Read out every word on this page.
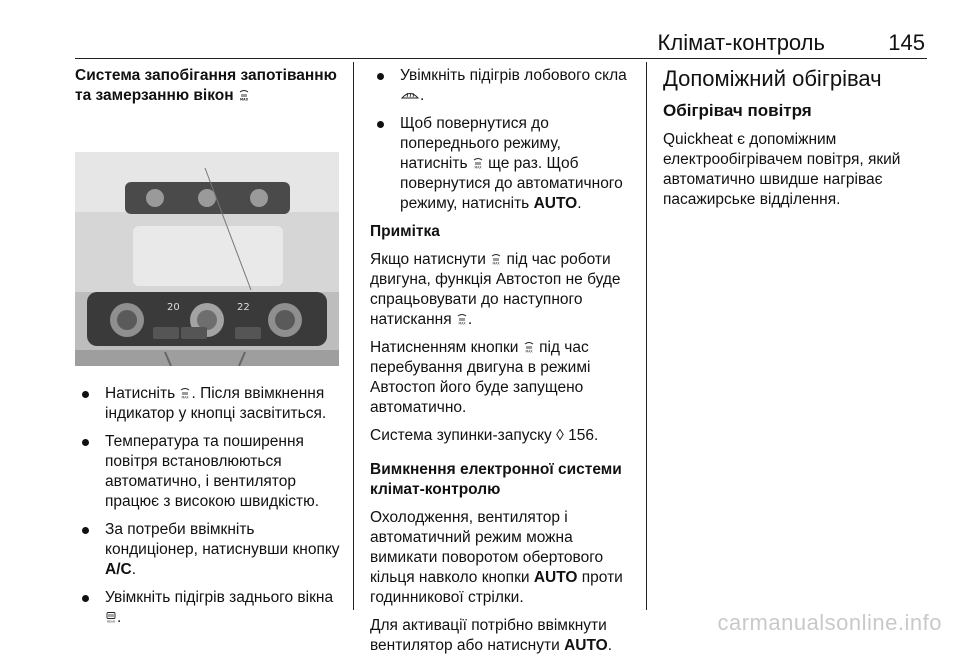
Клімат-контроль	145
Система запобігання запотіванню та замерзанню вікон MAX
20	22
Натисніть MAX . Після ввімкнення індикатор у кнопці засвітиться.
Температура та поширення повітря встановлюються автоматично, і вентилятор працює з високою швидкістю.
За потреби ввімкніть кондиціонер, натиснувши кнопку A/C.
Увімкніть підігрів заднього вікна
REAR .
Увімкніть підігрів лобового скла
.
Щоб повернутися до попереднього режиму, натисніть MAX ще раз. Щоб повернутися до автоматичного режиму, натисніть AUTO.

Примітка

Якщо натиснути MAX під час роботи двигуна, функція Автостоп не буде спрацьовувати до наступного натискання MAX .

Натисненням кнопки MAX під час перебування двигуна в режимі Автостоп його буде запущено автоматично.

Система зупинки-запуску ◊ 156.

Вимкнення електронної системи клімат-контролю

Охолодження, вентилятор і автоматичний режим можна вимикати поворотом обертового кільця навколо кнопки AUTO проти годинникової стрілки.

Для активації потрібно ввімкнути вентилятор або натиснути AUTO.

Допоміжний обігрівач

Обігрівач повітря

Quickheat є допоміжним електрообігрівачем повітря, який автоматично швидше нагріває пасажирське відділення.

carmanualsonline.info
